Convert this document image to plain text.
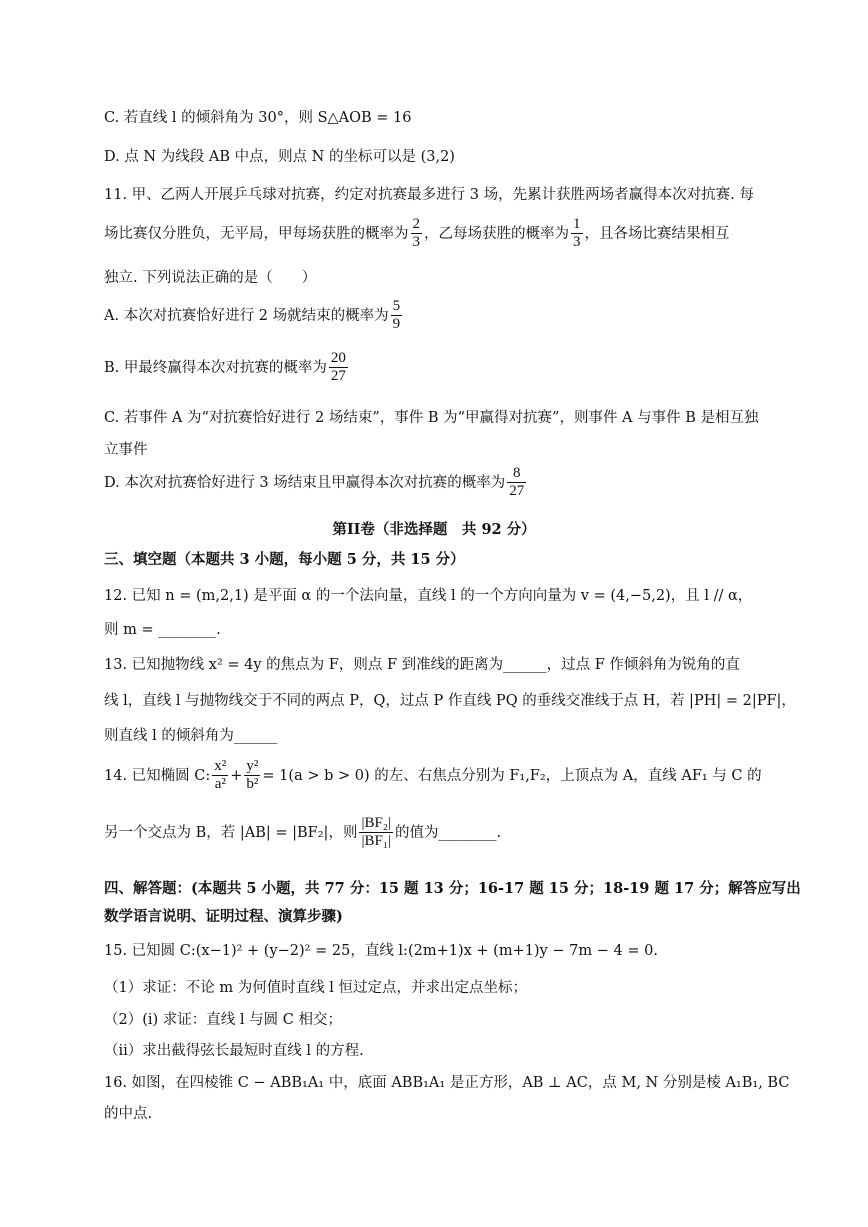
C. 若直线 l 的倾斜角为 30°，则 S△AOB = 16
D. 点 N 为线段 AB 中点，则点 N 的坐标可以是 (3,2)
11. 甲、乙两人开展乒乓球对抗赛，约定对抗赛最多进行 3 场，先累计获胜两场者赢得本次对抗赛. 每
场比赛仅分胜负，无平局，甲每场获胜的概率为 $\frac{2}{3}$ ，乙每场获胜的概率为 $\frac{1}{3}$ ，且各场比赛结果相互
独立. 下列说法正确的是（　　）
A. 本次对抗赛恰好进行 2 场就结束的概率为 $\frac{5}{9}$
B. 甲最终赢得本次对抗赛的概率为 $\frac{20}{27}$
C. 若事件 A 为“对抗赛恰好进行 2 场结束”，事件 B 为“甲赢得对抗赛”，则事件 A 与事件 B 是相互独
立事件
D. 本次对抗赛恰好进行 3 场结束且甲赢得本次对抗赛的概率为 $\frac{8}{27}$
第II卷（非选择题　共 92 分）
三、填空题（本题共 3 小题，每小题 5 分，共 15 分）
12. 已知 n = (m,2,1) 是平面 α 的一个法向量，直线 l 的一个方向向量为 v = (4,−5,2)，且 l // α，
则 m = ________.
13. 已知抛物线 x² = 4y 的焦点为 F，则点 F 到准线的距离为______，过点 F 作倾斜角为锐角的直
线 l，直线 l 与抛物线交于不同的两点 P，Q，过点 P 作直线 PQ 的垂线交准线于点 H，若 |PH| = 2|PF|，
则直线 l 的倾斜角为______
14. 已知椭圆 C: $\frac{\text{x²}}{\text{a²}} + \frac{\text{y²}}{\text{b²}} = 1(a > b > 0)$ 的左、右焦点分别为 F₁,F₂，上顶点为 A，直线 AF₁ 与 C 的
另一个交点为 B，若 |AB| = |BF₂|，则 $\frac{\text{|BF₂|}}{\text{|BF₁|}}$ 的值为________.
四、解答题：(本题共 5 小题，共 77 分：15 题 13 分；16-17 题 15 分；18-19 题 17 分；解答应写出
数学语言说明、证明过程、演算步骤)
15. 已知圆 C:(x−1)² + (y−2)² = 25，直线 l:(2m+1)x + (m+1)y − 7m − 4 = 0.
（1）求证：不论 m 为何值时直线 l 恒过定点，并求出定点坐标；
（2）(i) 求证：直线 l 与圆 C 相交；
（ii）求出截得弦长最短时直线 l 的方程.
16. 如图，在四棱锥 C − ABB₁A₁ 中，底面 ABB₁A₁ 是正方形，AB ⊥ AC，点 M, N 分别是棱 A₁B₁, BC
的中点.
